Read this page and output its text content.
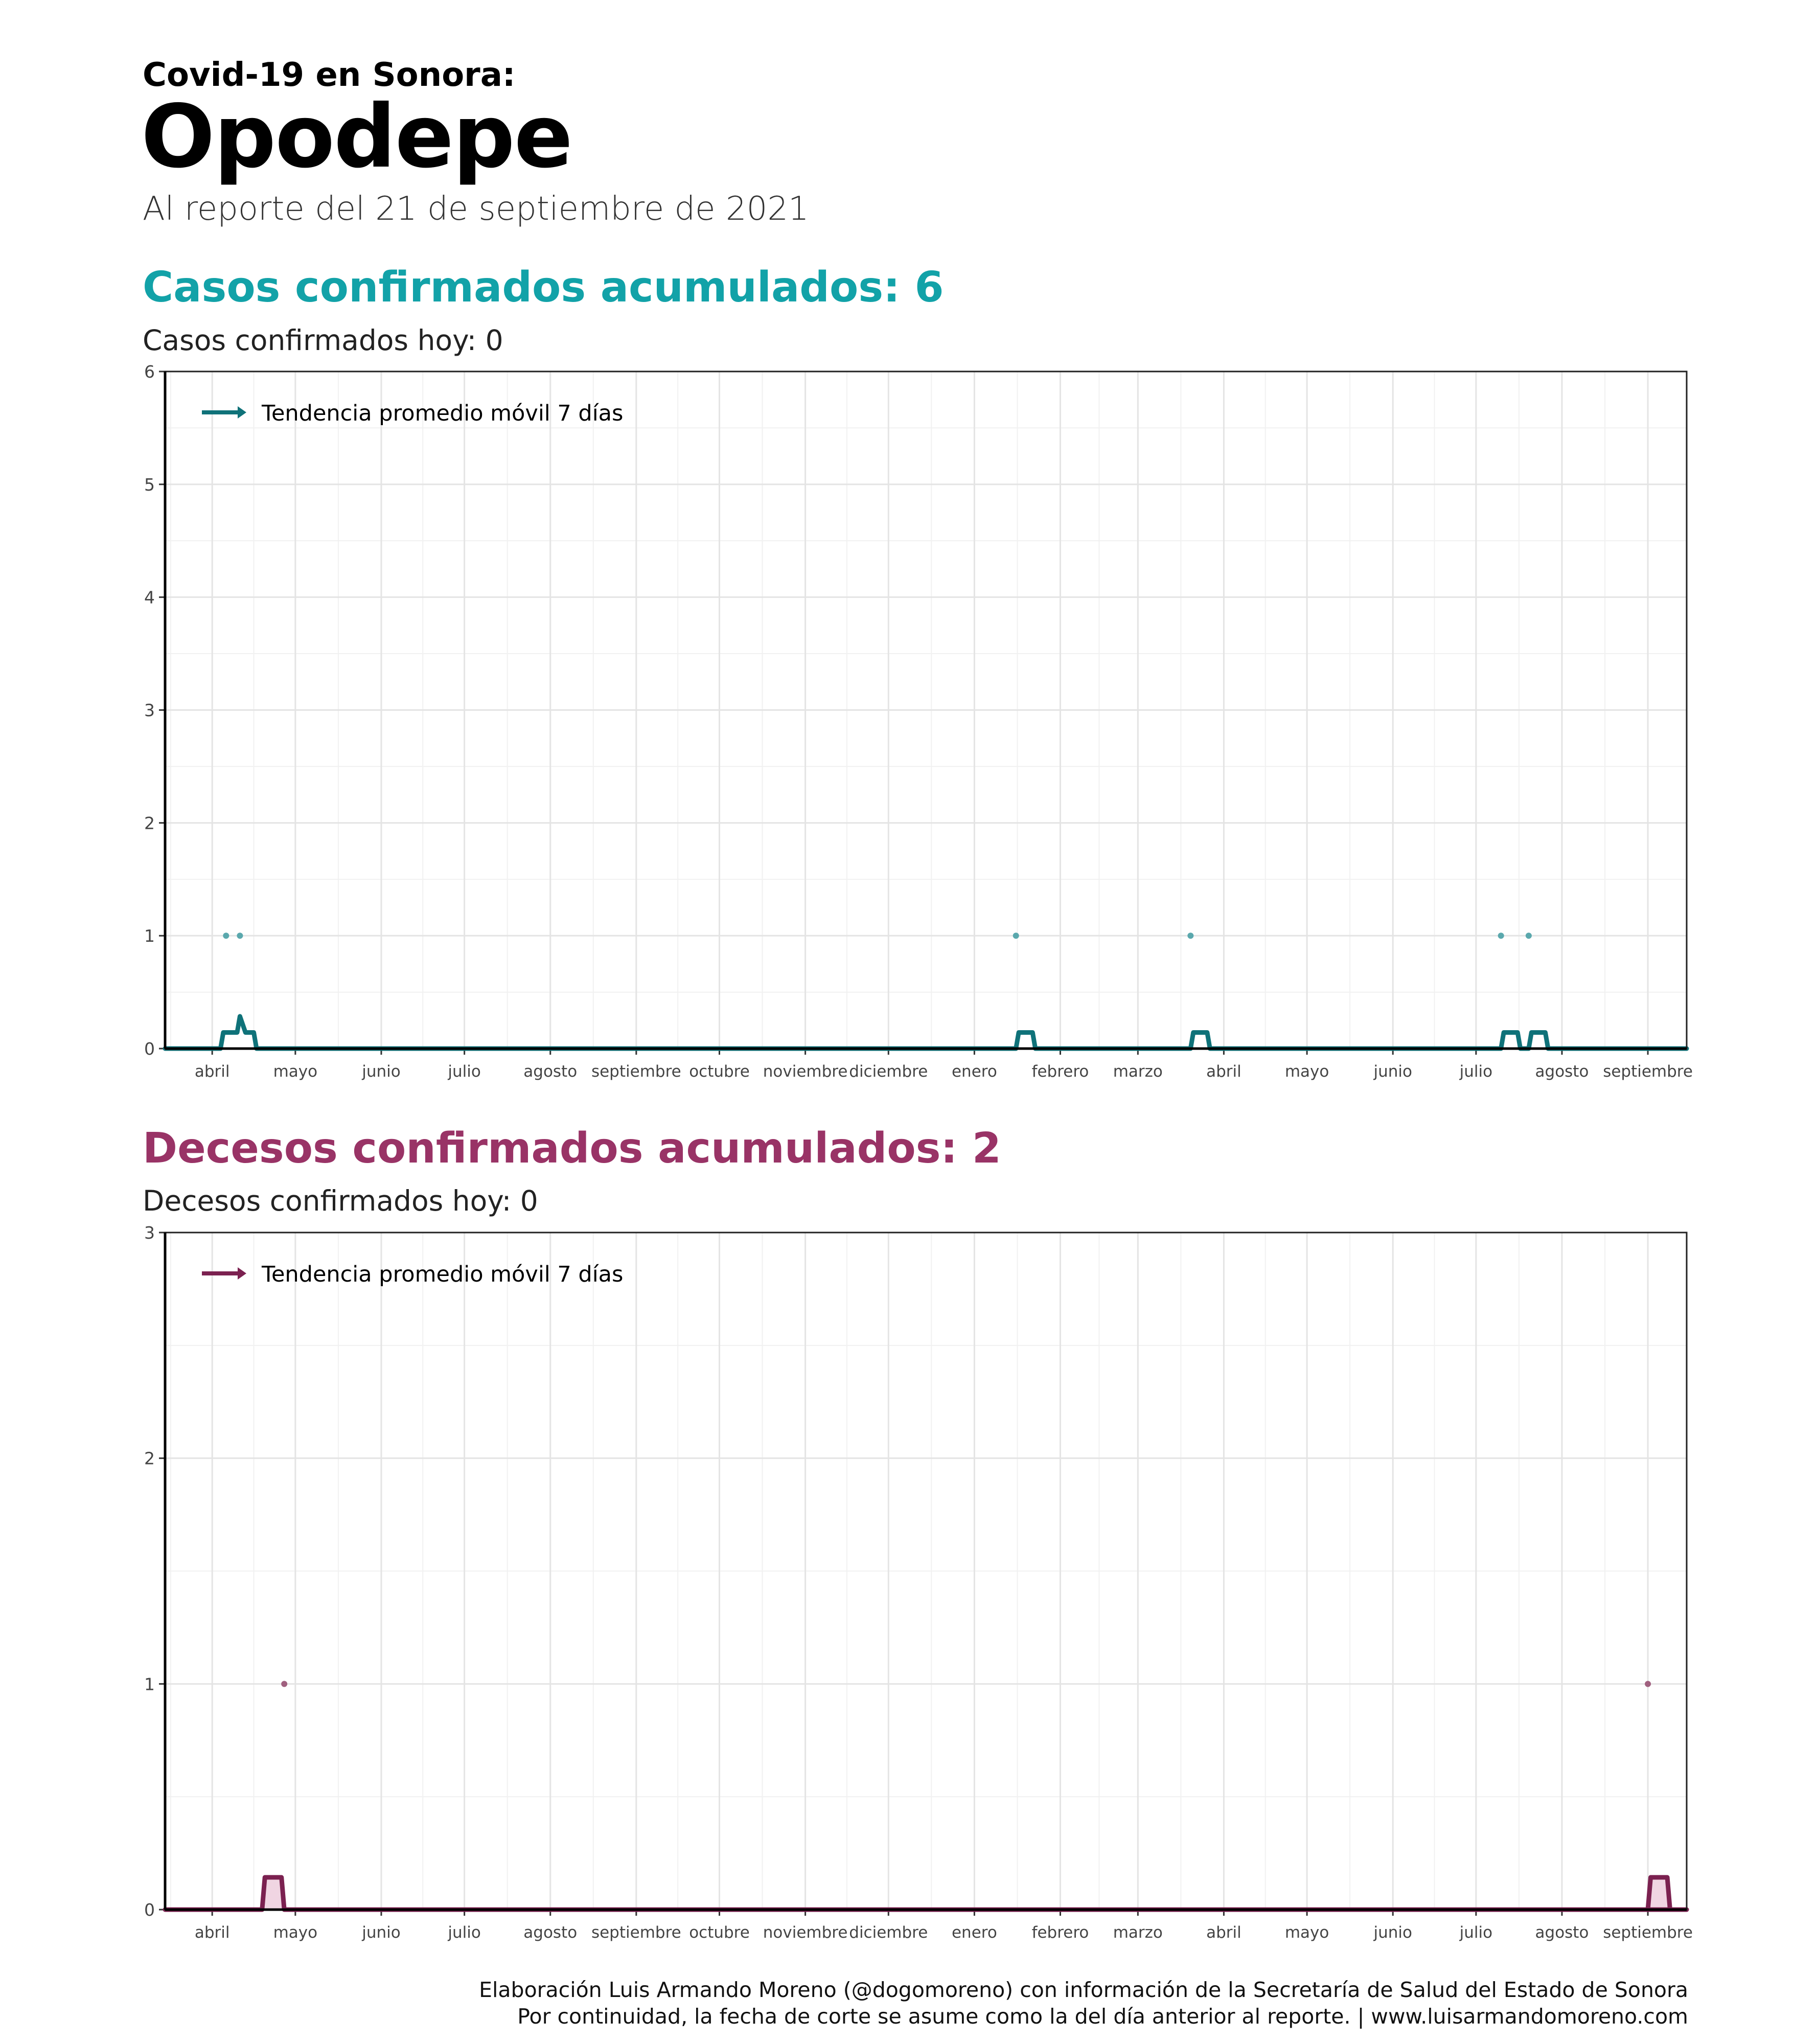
Covid-19 en Sonora:
Opodepe
Al reporte del 21 de septiembre de 2021
Casos confirmados acumulados: 6
Casos confirmados hoy: 0
0
1
2
3
4
5
6
abril	mayo	junio	julio	agosto septiembre octubre noviembre diciembre enero febrero marzo	abril	mayo	junio	julio	agosto septiembre
Tendencia promedio móvil 7 días
Decesos confirmados acumulados: 2
Decesos confirmados hoy: 0
0
1
2
3
abril	mayo	junio	julio	agosto septiembre octubre noviembre diciembre enero febrero marzo	abril	mayo	junio	julio	agosto septiembre
Tendencia promedio móvil 7 días
Elaboración Luis Armando Moreno (@dogomoreno) con información de la Secretaría de Salud del Estado de Sonora
Por continuidad, la fecha de corte se asume como la del día anterior al reporte. | www.luisarmandomoreno.com
